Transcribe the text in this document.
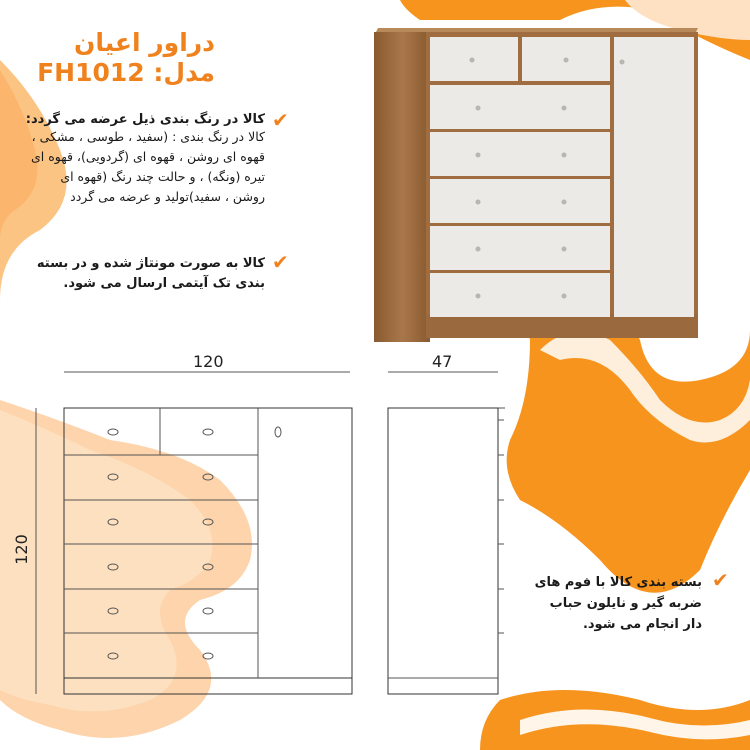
دراور اعیان
مدل: FH1012
✔
کالا در رنگ بندی ذیل عرضه می گردد:
کالا در رنگ بندی : (سفید ، طوسی ، مشکی ،
قهوه ای روشن ، قهوه ای (گردویی)، قهوه ای
تیره (ونگه) ، و حالت چند رنگ (قهوه ای
روشن ، سفید)تولید و عرضه می گردد
✔
کالا به صورت مونتاژ شده و در بسته
بندی تک آیتمی ارسال می شود.
✔
بسته بندی کالا با فوم های
ضربه گیر و نایلون حباب
دار انجام می شود.
120	47
120
